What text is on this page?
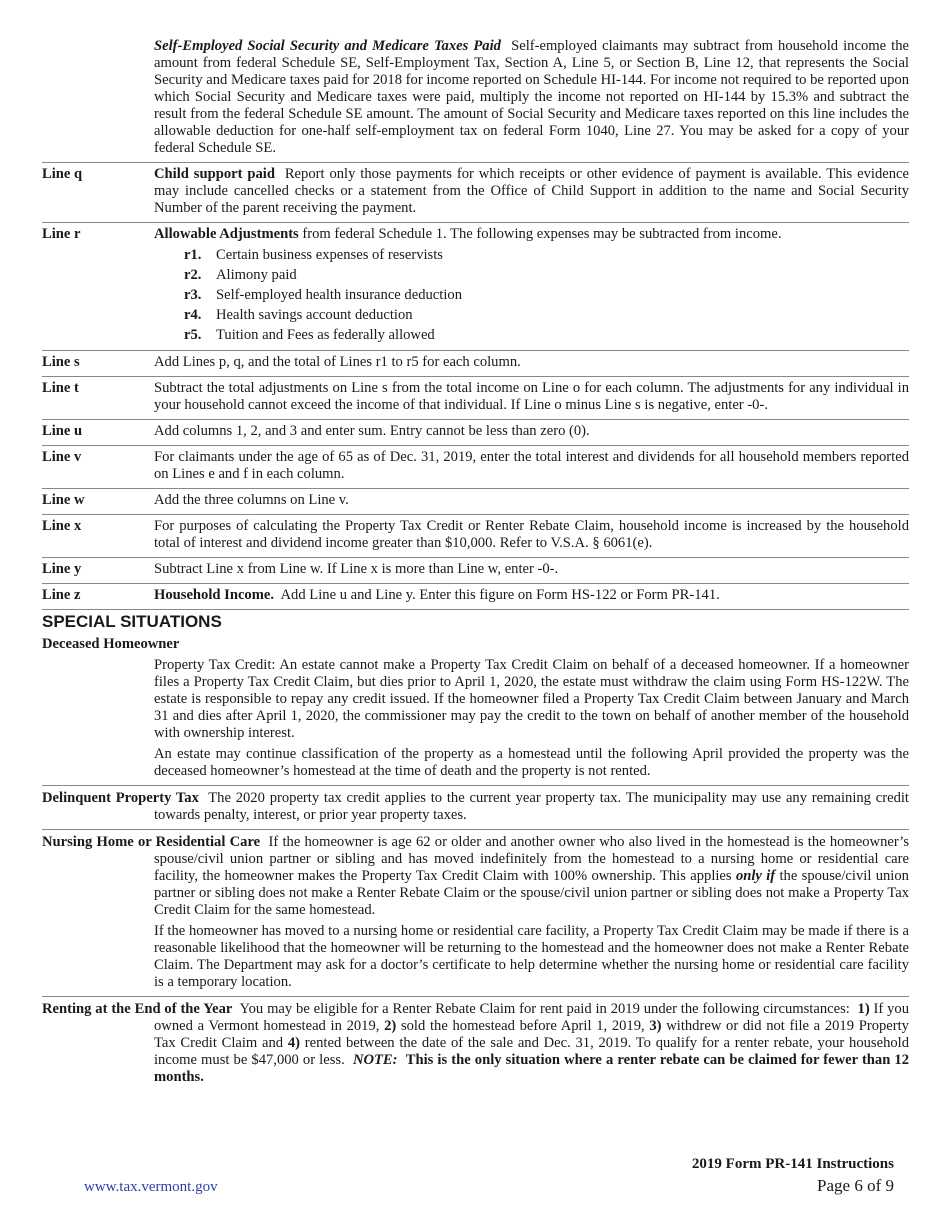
Self-Employed Social Security and Medicare Taxes Paid Self-employed claimants may subtract from household income the amount from federal Schedule SE, Self-Employment Tax, Section A, Line 5, or Section B, Line 12, that represents the Social Security and Medicare taxes paid for 2018 for income reported on Schedule HI-144. For income not required to be reported upon which Social Security and Medicare taxes were paid, multiply the income not reported on HI-144 by 15.3% and subtract the result from the federal Schedule SE amount. The amount of Social Security and Medicare taxes reported on this line includes the allowable deduction for one-half self-employment tax on federal Form 1040, Line 27. You may be asked for a copy of your federal Schedule SE.
Line q	Child support paid Report only those payments for which receipts or other evidence of payment is available. This evidence may include cancelled checks or a statement from the Office of Child Support in addition to the name and Social Security Number of the parent receiving the payment.
Line r	Allowable Adjustments from federal Schedule 1. The following expenses may be subtracted from income.
r1. Certain business expenses of reservists
r2. Alimony paid
r3. Self-employed health insurance deduction
r4. Health savings account deduction
r5. Tuition and Fees as federally allowed
Line s	Add Lines p, q, and the total of Lines r1 to r5 for each column.
Line t	Subtract the total adjustments on Line s from the total income on Line o for each column. The adjustments for any individual in your household cannot exceed the income of that individual. If Line o minus Line s is negative, enter -0-.
Line u	Add columns 1, 2, and 3 and enter sum. Entry cannot be less than zero (0).
Line v	For claimants under the age of 65 as of Dec. 31, 2019, enter the total interest and dividends for all household members reported on Lines e and f in each column.
Line w	Add the three columns on Line v.
Line x	For purposes of calculating the Property Tax Credit or Renter Rebate Claim, household income is increased by the household total of interest and dividend income greater than $10,000. Refer to V.S.A. § 6061(e).
Line y	Subtract Line x from Line w. If Line x is more than Line w, enter -0-.
Line z	Household Income. Add Line u and Line y. Enter this figure on Form HS-122 or Form PR-141.
SPECIAL SITUATIONS
Deceased Homeowner
Property Tax Credit: An estate cannot make a Property Tax Credit Claim on behalf of a deceased homeowner. If a homeowner files a Property Tax Credit Claim, but dies prior to April 1, 2020, the estate must withdraw the claim using Form HS-122W. The estate is responsible to repay any credit issued. If the homeowner filed a Property Tax Credit Claim between January and March 31 and dies after April 1, 2020, the commissioner may pay the credit to the town on behalf of another member of the household with ownership interest.
An estate may continue classification of the property as a homestead until the following April provided the property was the deceased homeowner’s homestead at the time of death and the property is not rented.
Delinquent Property Tax The 2020 property tax credit applies to the current year property tax. The municipality may use any remaining credit towards penalty, interest, or prior year property taxes.
Nursing Home or Residential Care If the homeowner is age 62 or older and another owner who also lived in the homestead is the homeowner’s spouse/civil union partner or sibling and has moved indefinitely from the homestead to a nursing home or residential care facility, the homeowner makes the Property Tax Credit Claim with 100% ownership. This applies only if the spouse/civil union partner or sibling does not make a Renter Rebate Claim or the spouse/civil union partner or sibling does not make a Property Tax Credit Claim for the same homestead.
If the homeowner has moved to a nursing home or residential care facility, a Property Tax Credit Claim may be made if there is a reasonable likelihood that the homeowner will be returning to the homestead and the homeowner does not make a Renter Rebate Claim. The Department may ask for a doctor’s certificate to help determine whether the nursing home or residential care facility is a temporary location.
Renting at the End of the Year You may be eligible for a Renter Rebate Claim for rent paid in 2019 under the following circumstances: 1) If you owned a Vermont homestead in 2019, 2) sold the homestead before April 1, 2019, 3) withdrew or did not file a 2019 Property Tax Credit Claim and 4) rented between the date of the sale and Dec. 31, 2019. To qualify for a renter rebate, your household income must be $47,000 or less. NOTE: This is the only situation where a renter rebate can be claimed for fewer than 12 months.
2019 Form PR-141 Instructions
www.tax.vermont.gov	Page 6 of 9
